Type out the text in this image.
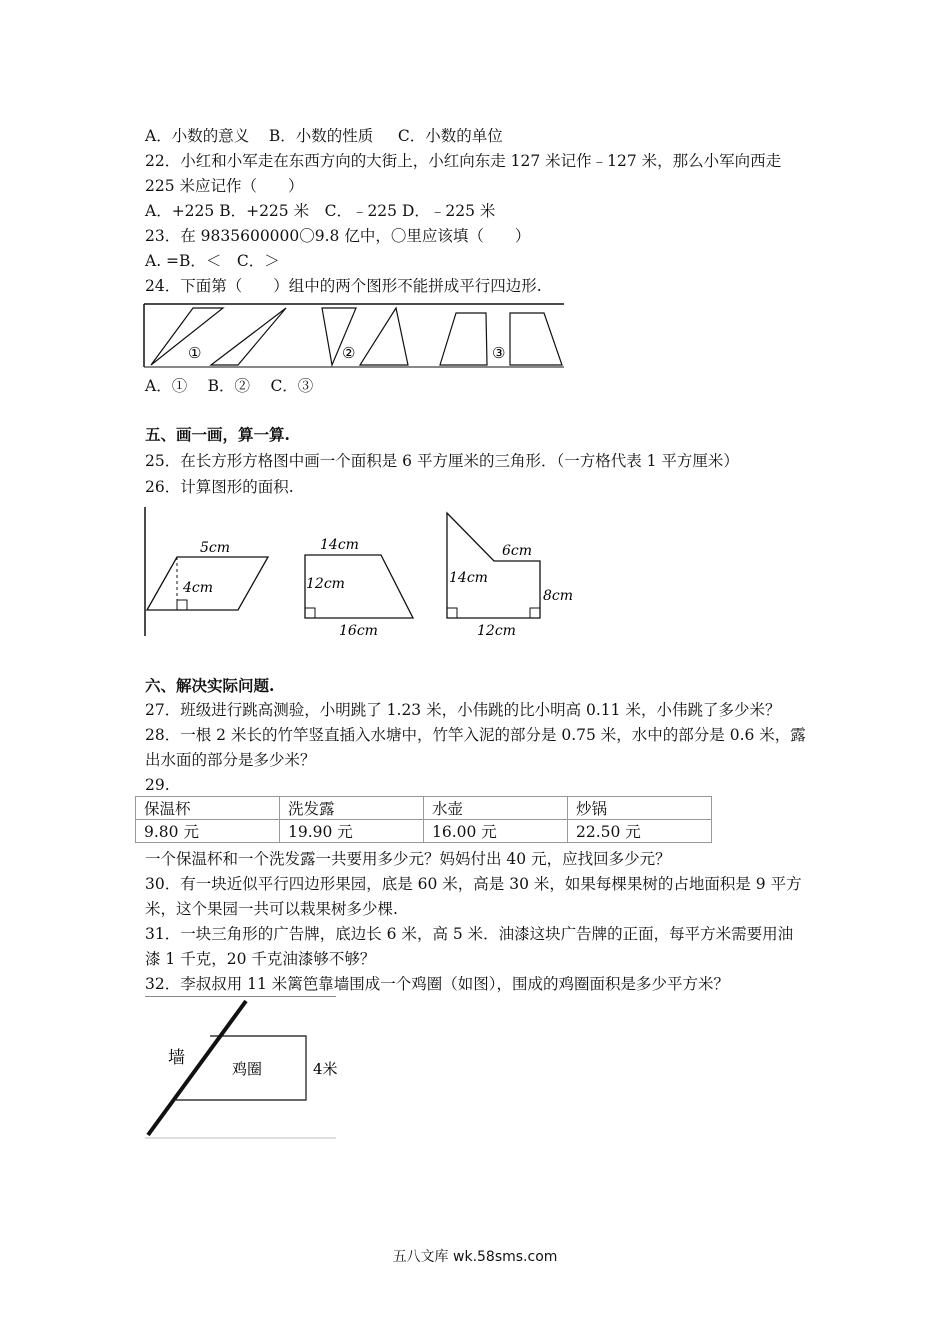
A．小数的意义    B．小数的性质     C．小数的单位
22．小红和小军走在东西方向的大街上，小红向东走 127 米记作﹣127 米，那么小军向西走
225 米应记作（　　）
A．+225 B．+225 米　C．﹣225 D．﹣225 米
23．在 9835600000〇9.8 亿中，〇里应该填（　　）
A. =B．＜　C．＞
24．下面第（　　）组中的两个图形不能拼成平行四边形.
①	②	③
A．①　 B．②　 C．③
五、画一画，算一算.
25．在长方形方格图中画一个面积是 6 平方厘米的三角形．（一方格代表 1 平方厘米）
26．计算图形的面积.
5cm
4cm
14cm
12cm
16cm
14cm
6cm
8cm
12cm
六、解决实际问题.
27．班级进行跳高测验，小明跳了 1.23 米，小伟跳的比小明高 0.11 米，小伟跳了多少米？
28．一根 2 米长的竹竿竖直插入水塘中，竹竿入泥的部分是 0.75 米，水中的部分是 0.6 米，露
出水面的部分是多少米？
29.
保温杯	洗发露	水壶	炒锅
9.80 元	19.90 元	16.00 元	22.50 元
一个保温杯和一个洗发露一共要用多少元？妈妈付出 40 元，应找回多少元？
30．有一块近似平行四边形果园，底是 60 米，高是 30 米，如果每棵果树的占地面积是 9 平方
米，这个果园一共可以栽果树多少棵.
31．一块三角形的广告牌，底边长 6 米，高 5 米．油漆这块广告牌的正面，每平方米需要用油
漆 1 千克，20 千克油漆够不够？
32．李叔叔用 11 米篱笆靠墙围成一个鸡圈（如图），围成的鸡圈面积是多少平方米？
墙
鸡圈	4米
五八文库 wk.58sms.com
